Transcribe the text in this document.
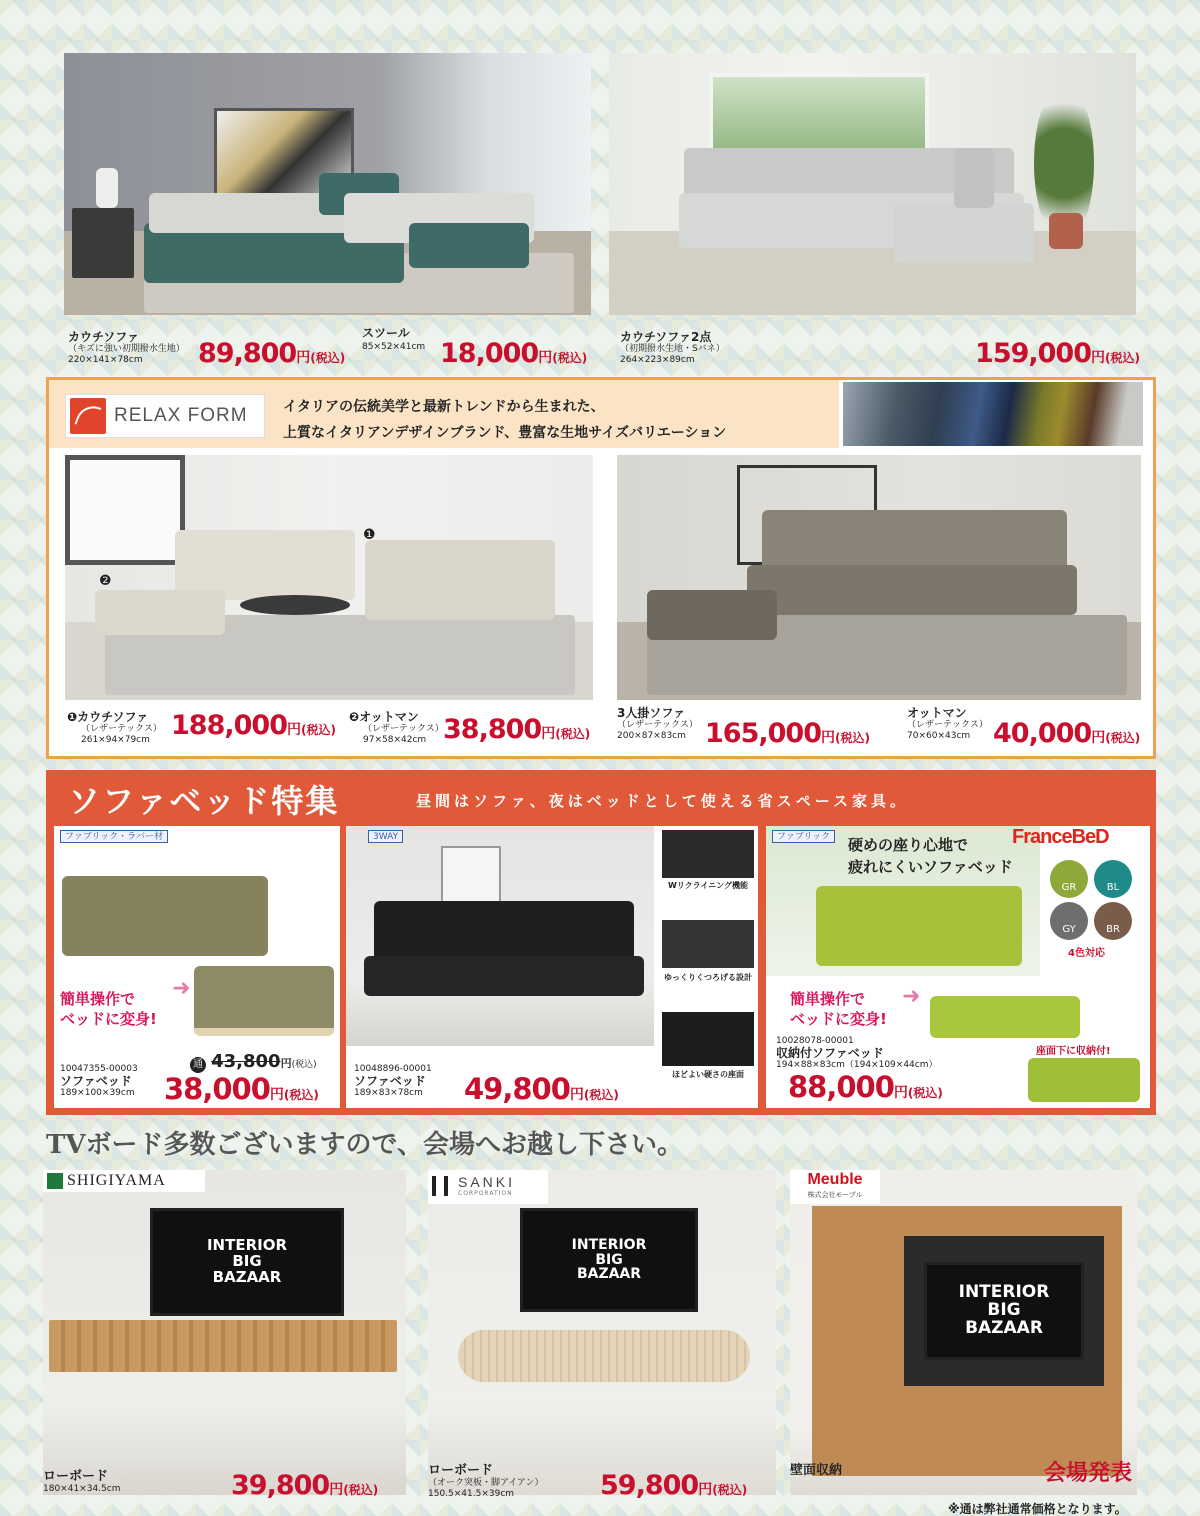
カウチソファ
（キズに強い初期撥水生地）
220×141×78cm	89,800円(税込)
スツール
85×52×41cm 18,000円(税込)
カウチソファ2点
（初期撥水生地・Sバネ）
264×223×89cm	159,000円(税込)
RELAX FORM	イタリアの伝統美学と最新トレンドから生まれた、
上質なイタリアンデザインブランド、豊富な生地サイズバリエーション
❶
❷
❶カウチソファ
（レザーテックス）
261×94×79cm 188,000円(税込)
❷オットマン
（レザーテックス）
97×58×42cm 38,800円(税込)
3人掛ソファ
（レザーテックス）
200×87×83cm 165,000円(税込)
オットマン
（レザーテックス）
70×60×43cm 40,000円(税込)
ソファベッド特集	昼間はソファ、夜はベッドとして使える省スペース家具。
ファブリック・ラバー材
簡単操作で
ベッドに変身!
➜
10047355-00003
ソファベッド
189×100×39cm
通 43,800円(税込)
38,000円(税込)
3WAY
Wリクライニング機能
ゆっくりくつろげる設計
ほどよい硬さの座面
10048896-00001
ソファベッド
189×83×78cm 49,800円(税込)
ファブリック	硬めの座り心地で
疲れにくいソファベッド
FranceBeD
GR	BL
GY	BR
4色対応
簡単操作で
ベッドに変身!
➜
座面下に収納付!
10028078-00001
収納付ソファベッド
194×88×83cm（194×109×44cm）
88,000円(税込)
TVボード多数ございますので、会場へお越し下さい。
SHIGIYAMA
INTERIOR
BIG
BAZAAR
SANKI
CORPORATION
INTERIOR
BIG
BAZAAR
Meuble
株式会社モーブル
INTERIOR
BIG
BAZAAR
ローボード
180×41×34.5cm	39,800円(税込)
ローボード
（オーク突板・脚アイアン）
150.5×41.5×39cm	59,800円(税込)
壁面収納	会場発表
※通は弊社通常価格となります。
